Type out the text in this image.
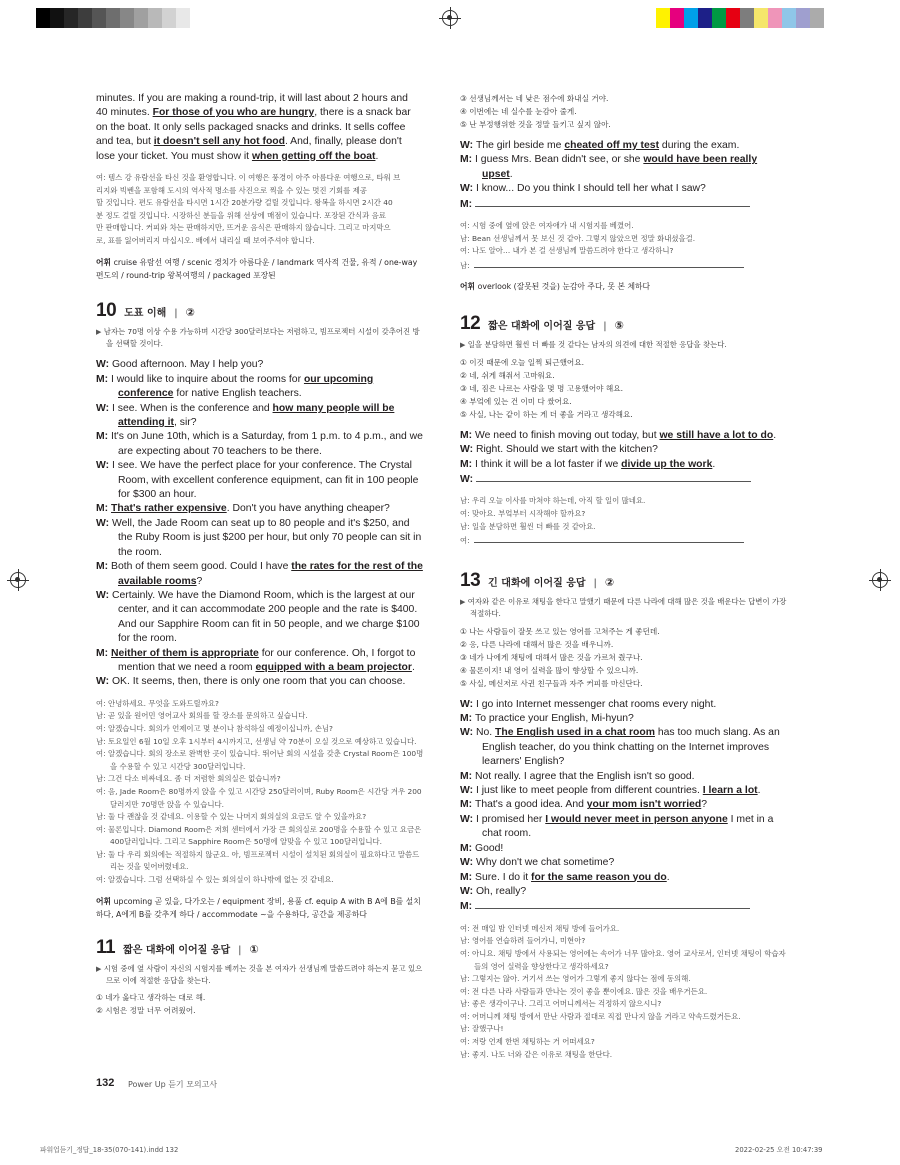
minutes. If you are making a round-trip, it will last about 2 hours and
40 minutes. For those of you who are hungry, there is a snack bar
on the boat. It only sells packaged snacks and drinks. It sells coffee
and tea, but it doesn't sell any hot food. And, finally, please don't
lose your ticket. You must show it when getting off the boat.
여: 템스 강 유람선을 타신 것을 환영합니다. 이 여행은 풍경이 아주 아름다운 여행으로, 타워 브
리지와 빅벤을 포함해 도시의 역사적 명소를 사진으로 찍을 수 있는 멋진 기회를 제공
할 것입니다. 편도 유람선을 타시면 1시간 20분가량 걸릴 것입니다. 왕복을 하시면 2시간 40
분 정도 걸릴 것입니다. 시장하신 분들을 위해 선상에 매점이 있습니다. 포장된 간식과 음료
만 판매합니다. 커피와 차는 판매하지만, 뜨거운 음식은 판매하지 않습니다. 그리고 마지막으
로, 표를 잃어버리지 마십시오. 배에서 내리실 때 보여주셔야 합니다.
어휘 cruise 유람선 여행 / scenic 경치가 아름다운 / landmark 역사적 건물, 유적 / one-way 편도의 / round-trip 왕복여행의 / packaged 포장된
10 도표 이해 | ②
▶ 남자는 70명 이상 수용 가능하며 시간당 300달러보다는 저렴하고, 빔프로젝터 시설이 갖추어진 방을 선택할 것이다.
W: Good afternoon. May I help you?
M: I would like to inquire about the rooms for our upcoming conference for native English teachers.
W: I see. When is the conference and how many people will be attending it, sir?
M: It's on June 10th, which is a Saturday, from 1 p.m. to 4 p.m., and we are expecting about 70 teachers to be there.
W: I see. We have the perfect place for your conference. The Crystal Room, with excellent conference equipment, can fit in 100 people for $300 an hour.
M: That's rather expensive. Don't you have anything cheaper?
W: Well, the Jade Room can seat up to 80 people and it's $250, and the Ruby Room is just $200 per hour, but only 70 people can sit in the room.
M: Both of them seem good. Could I have the rates for the rest of the available rooms?
W: Certainly. We have the Diamond Room, which is the largest at our center, and it can accommodate 200 people and the rate is $400. And our Sapphire Room can fit in 50 people, and we charge $100 for the room.
M: Neither of them is appropriate for our conference. Oh, I forgot to mention that we need a room equipped with a beam projector.
W: OK. It seems, then, there is only one room that you can choose.
여: 안녕하세요. 무엇을 도와드릴까요?
남: 곧 있을 원어민 영어교사 회의를 할 장소를 문의하고 싶습니다.
여: 알겠습니다. 회의가 언제이고 몇 분이나 참석하실 예정이십니까, 손님?
남: 토요일인 6월 10일 오후 1시부터 4시까지고, 선생님 약 70분이 오실 것으로 예상하고 있습니다.
여: 알겠습니다. 회의 장소로 완벽한 곳이 있습니다. 뛰어난 회의 시설을 갖춘 Crystal Room은 100명을 수용할 수 있고 시간당 300달러입니다.
남: 그건 다소 비싸네요. 좀 더 저렴한 회의실은 없습니까?
여: 음, Jade Room은 80명까지 앉을 수 있고 시간당 250달러이며, Ruby Room은 시간당 겨우 200달러지만 70명만 앉을 수 있습니다.
남: 둘 다 괜찮을 것 같네요. 이용할 수 있는 나머지 회의실의 요금도 알 수 있을까요?
여: 물론입니다. Diamond Room은 저희 센터에서 가장 큰 회의실로 200명을 수용할 수 있고 요금은 400달러입니다. 그리고 Sapphire Room은 50명에 알맞을 수 있고 100달러입니다.
남: 둘 다 우리 회의에는 적절하지 않군요. 아, 빔프로젝터 시설이 설치된 회의실이 필요하다고 말씀드리는 것을 잊어버렸네요.
여: 알겠습니다. 그럼 선택하실 수 있는 회의실이 하나밖에 없는 것 같네요.
어휘 upcoming 곧 있을, 다가오는 / equipment 장비, 용품 cf. equip A with B A에 B를 설치하다, A에게 B를 갖추게 하다 / accommodate ~을 수용하다, 공간을 제공하다
11 짧은 대화에 이어질 응답 | ①
▶ 시험 중에 옆 사람이 자신의 시험지를 베끼는 것을 본 여자가 선생님께 말씀드려야 하는지 묻고 있으므로 이에 적절한 응답을 찾는다.
① 네가 옳다고 생각하는 대로 해.
② 시험은 정말 너무 어려웠어.
③ 선생님께서는 네 낮은 점수에 화내실 거야.
④ 이번에는 네 실수를 눈감아 줄게.
⑤ 난 부정행위한 것을 정말 들키고 싶지 않아.
W: The girl beside me cheated off my test during the exam.
M: I guess Mrs. Bean didn't see, or she would have been really upset.
W: I know... Do you think I should tell her what I saw?
M:
여: 시험 중에 옆에 앉은 여자애가 내 시험지를 베꼈어.
남: Bean 선생님께서 못 보신 것 같아. 그렇지 않았으면 정말 화내셨을걸.
여: 나도 알아… 내가 본 걸 선생님께 말씀드려야 한다고 생각하니?
남:
어휘 overlook (잘못된 것을) 눈감아 주다, 못 본 체하다
12 짧은 대화에 이어질 응답 | ⑤
▶ 일을 분담하면 훨씬 더 빠를 것 같다는 남자의 의견에 대한 적절한 응답을 찾는다.
① 이것 때문에 오늘 일찍 퇴근했어요.
② 네, 쉬게 해줘서 고마워요.
③ 네, 짐은 나르는 사람을 몇 명 고용했어야 해요.
④ 부엌에 있는 건 이미 다 쌌어요.
⑤ 사실, 나는 같이 하는 게 더 좋을 거라고 생각해요.
M: We need to finish moving out today, but we still have a lot to do.
W: Right. Should we start with the kitchen?
M: I think it will be a lot faster if we divide up the work.
W:
남: 우리 오늘 이사를 마쳐야 하는데, 아직 할 일이 많네요.
여: 맞아요. 부엌부터 시작해야 할까요?
남: 일을 분담하면 훨씬 더 빠를 것 같아요.
여:
13 긴 대화에 이어질 응답 | ②
▶ 여자와 같은 이유로 채팅을 한다고 말했기 때문에 다른 나라에 대해 많은 것을 배운다는 답변이 가장 적절하다.
① 나는 사람들이 잘못 쓰고 있는 영어를 고쳐주는 게 좋던데.
② 응, 다른 나라에 대해서 많은 것을 배우니까.
③ 네가 나에게 채팅에 대해서 많은 것을 가르쳐 줬구나.
④ 물론이지! 내 영어 실력을 많이 향상할 수 있으니까.
⑤ 사실, 메신저로 사귄 친구들과 자주 커피를 마신단다.
W: I go into Internet messenger chat rooms every night.
M: To practice your English, Mi-hyun?
W: No. The English used in a chat room has too much slang. As an English teacher, do you think chatting on the Internet improves learners' English?
M: Not really. I agree that the English isn't so good.
W: I just like to meet people from different countries. I learn a lot.
M: That's a good idea. And your mom isn't worried?
W: I promised her I would never meet in person anyone I met in a chat room.
M: Good!
W: Why don't we chat sometime?
M: Sure. I do it for the same reason you do.
W: Oh, really?
M:
여: 전 매일 밤 인터넷 메신저 채팅 방에 들어가요.
남: 영어를 연습하려 들어가니, 미현아?
여: 아니요. 채팅 방에서 사용되는 영어에는 속어가 너무 많아요. 영어 교사로서, 인터넷 채팅이 학습자들의 영어 실력을 향상한다고 생각하세요?
남: 그렇지는 않아. 거기서 쓰는 영어가 그렇게 좋지 않다는 점에 동의해.
여: 전 다른 나라 사람들과 만나는 것이 좋을 뿐이에요. 많은 것을 배우거든요.
남: 좋은 생각이구나. 그리고 어머니께서는 걱정하지 않으시니?
여: 어머니께 채팅 방에서 만난 사람과 절대로 직접 만나지 않을 거라고 약속드렸거든요.
남: 잘했구나!
여: 저랑 언제 한번 채팅하는 거 어떠세요?
남: 좋지. 나도 너와 같은 이유로 채팅을 한단다.
132 Power Up 듣기 모의고사
파워업듣기_정답_18-35(070-141).indd 132	2022-02-25 오전 10:47:39
